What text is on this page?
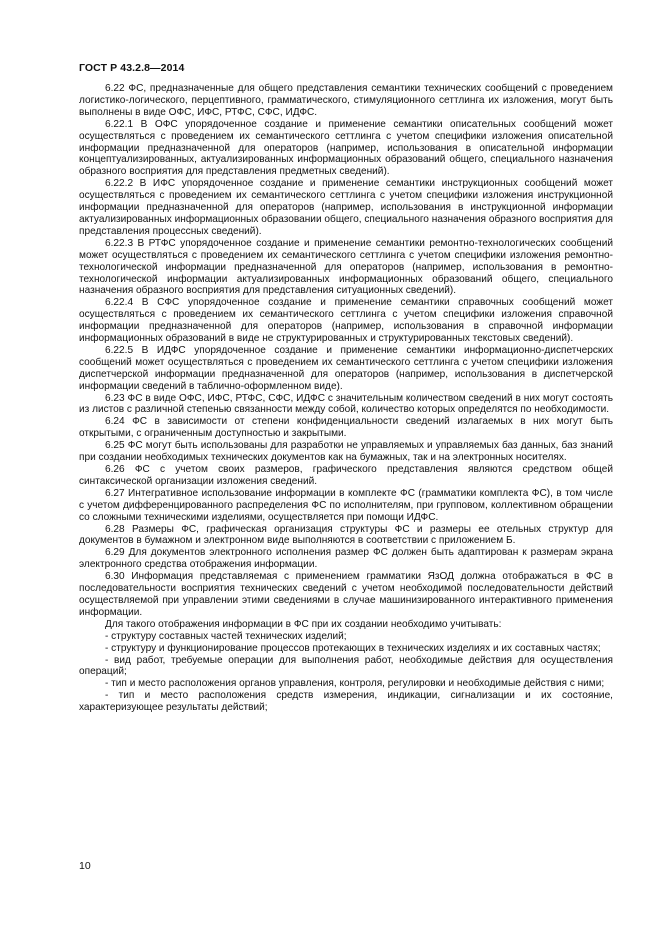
ГОСТ Р 43.2.8—2014

6.22 ФС, предназначенные для общего представления семантики технических сообщений с проведением логистико-логического, перцептивного, грамматического, стимуляционного сеттлинга их изложения, могут быть выполнены в виде ОФС, ИФС, РТФС, СФС, ИДФС.

6.22.1 В ОФС упорядоченное создание и применение семантики описательных сообщений может осуществляться с проведением их семантического сеттлинга с учетом специфики изложения описательной информации предназначенной для операторов (например, использования в описательной информации концептуализированных, актуализированных информационных образований общего, специального назначения образного восприятия для представления предметных сведений).

6.22.2 В ИФС упорядоченное создание и применение семантики инструкционных сообщений может осуществляться с проведением их семантического сеттлинга с учетом специфики изложения инструкционной информации предназначенной для операторов (например, использования в инструкционной информации актуализированных информационных образовании общего, специального назначения образного восприятия для представления процессных сведений).

6.22.3 В РТФС упорядоченное создание и применение семантики ремонтно-технологических сообщений может осуществляться с проведением их семантического сеттлинга с учетом специфики изложения ремонтно-технологической информации предназначенной для операторов (например, использования в ремонтно-технологической информации актуализированных информационных образований общего, специального назначения образного восприятия для представления ситуационных сведений).

6.22.4 В СФС упорядоченное создание и применение семантики справочных сообщений может осуществляться с проведением их семантического сеттлинга с учетом специфики изложения справочной информации предназначенной для операторов (например, использования в справочной информации информационных образований в виде не структурированных и структурированных текстовых сведений).

6.22.5 В ИДФС упорядоченное создание и применение семантики информационно-диспетчерских сообщений может осуществляться с проведением их семантического сеттлинга с учетом специфики изложения диспетчерской информации предназначенной для операторов (например, использования в диспетчерской информации сведений в таблично-оформленном виде).

6.23 ФС в виде ОФС, ИФС, РТФС, СФС, ИДФС с значительным количеством сведений в них могут состоять из листов с различной степенью связанности между собой, количество которых определятся по необходимости.

6.24 ФС в зависимости от степени конфиденциальности сведений излагаемых в них могут быть открытыми, с ограниченным доступностью и закрытыми.

6.25 ФС могут быть использованы для разработки не управляемых и управляемых баз данных, баз знаний при создании необходимых технических документов как на бумажных, так и на электронных носителях.

6.26 ФС с учетом своих размеров, графического представления являются средством общей синтаксической организации изложения сведений.

6.27 Интегративное использование информации в комплекте ФС (грамматики комплекта ФС), в том числе с учетом дифференцированного распределения ФС по исполнителям, при групповом, коллективном обращении со сложными техническими изделиями, осуществляется при помощи ИДФС.

6.28 Размеры ФС, графическая организация структуры ФС и размеры ее отельных структур для документов в бумажном и электронном виде выполняются в соответствии с приложением Б.

6.29 Для документов электронного исполнения размер ФС должен быть адаптирован к размерам экрана электронного средства отображения информации.

6.30 Информация представляемая с применением грамматики ЯзОД должна отображаться в ФС в последовательности восприятия технических сведений с учетом необходимой последовательности действий осуществляемой при управлении этими сведениями в случае машинизированного интерактивного применения информации.

Для такого отображения информации в ФС при их создании необходимо учитывать:

- структуру составных частей технических изделий;

- структуру и функционирование процессов протекающих в технических изделиях и их составных частях;

- вид работ, требуемые операции для выполнения работ, необходимые действия для осуществления операций;

- тип и место расположения органов управления, контроля, регулировки и необходимые действия с ними;

- тип и место расположения средств измерения, индикации, сигнализации и их состояние, характеризующее результаты действий;

10
